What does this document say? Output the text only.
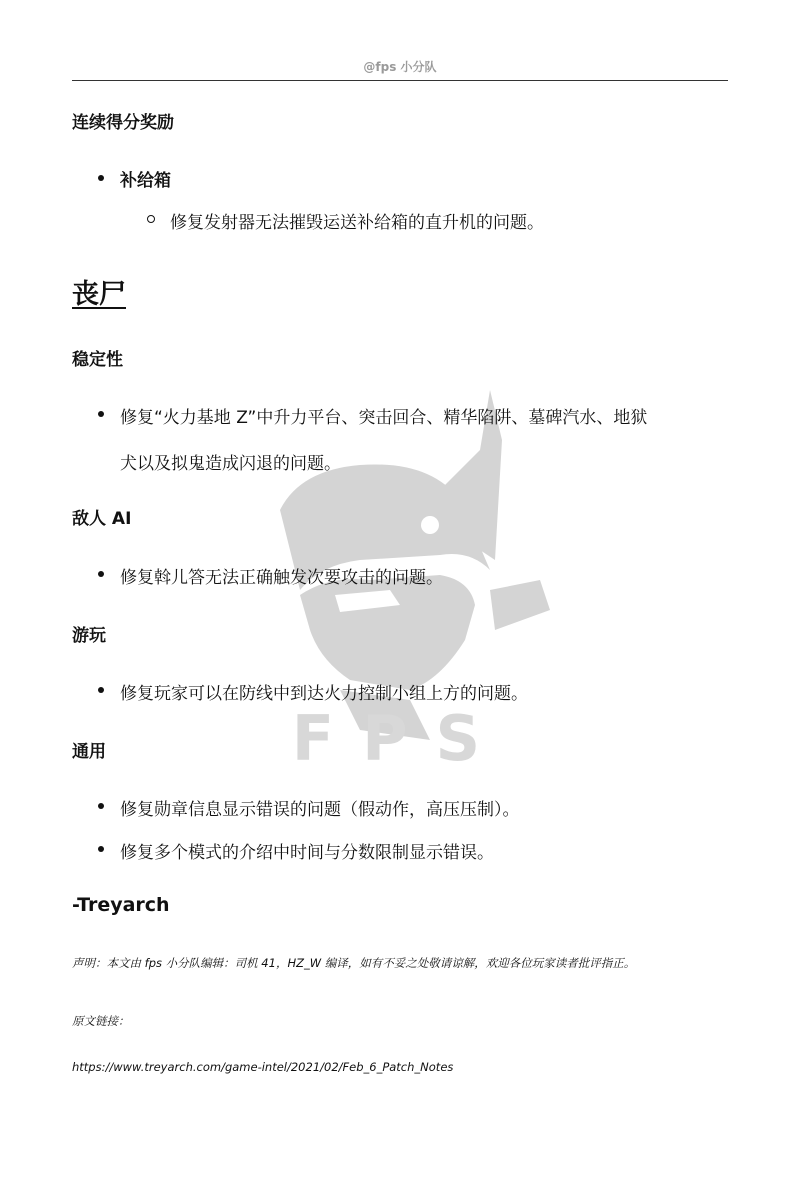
@fps 小分队
FPS
连续得分奖励
补给箱
修复发射器无法摧毁运送补给箱的直升机的问题。
丧尸
稳定性
修复“火力基地 Z”中升力平台、突击回合、精华陷阱、墓碑汽水、地狱
犬以及拟鬼造成闪退的问题。
敌人 AI
修复斡儿答无法正确触发次要攻击的问题。
游玩
修复玩家可以在防线中到达火力控制小组上方的问题。
通用
修复勋章信息显示错误的问题（假动作，高压压制）。
修复多个模式的介绍中时间与分数限制显示错误。
-Treyarch
声明：本文由 fps 小分队编辑：司机 41，HZ_W 编译，如有不妥之处敬请谅解，欢迎各位玩家读者批评指正。
原文链接：
https://www.treyarch.com/game-intel/2021/02/Feb_6_Patch_Notes
